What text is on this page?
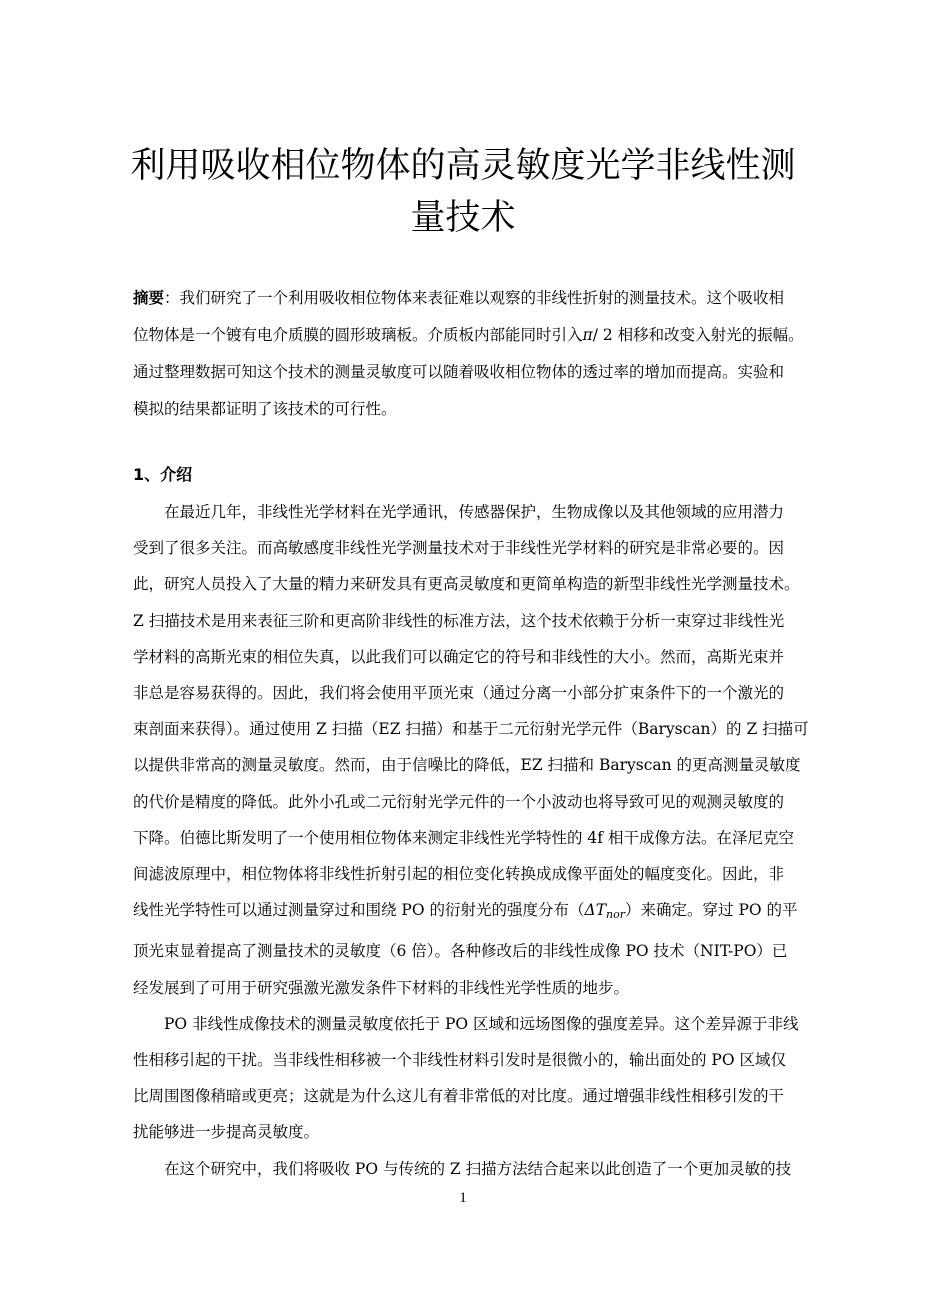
利用吸收相位物体的高灵敏度光学非线性测
量技术
摘要：我们研究了一个利用吸收相位物体来表征难以观察的非线性折射的测量技术。这个吸收相
位物体是一个镀有电介质膜的圆形玻璃板。介质板内部能同时引入π/ 2 相移和改变入射光的振幅。
通过整理数据可知这个技术的测量灵敏度可以随着吸收相位物体的透过率的增加而提高。实验和
模拟的结果都证明了该技术的可行性。
1、介绍
在最近几年，非线性光学材料在光学通讯，传感器保护，生物成像以及其他领域的应用潜力
受到了很多关注。而高敏感度非线性光学测量技术对于非线性光学材料的研究是非常必要的。因
此，研究人员投入了大量的精力来研发具有更高灵敏度和更简单构造的新型非线性光学测量技术。
Z 扫描技术是用来表征三阶和更高阶非线性的标准方法，这个技术依赖于分析一束穿过非线性光
学材料的高斯光束的相位失真，以此我们可以确定它的符号和非线性的大小。然而，高斯光束并
非总是容易获得的。因此，我们将会使用平顶光束（通过分离一小部分扩束条件下的一个激光的
束剖面来获得）。通过使用 Z 扫描（EZ 扫描）和基于二元衍射光学元件（Baryscan）的 Z 扫描可
以提供非常高的测量灵敏度。然而，由于信噪比的降低，EZ 扫描和 Baryscan 的更高测量灵敏度
的代价是精度的降低。此外小孔或二元衍射光学元件的一个小波动也将导致可见的观测灵敏度的
下降。伯德比斯发明了一个使用相位物体来测定非线性光学特性的 4f 相干成像方法。在泽尼克空
间滤波原理中，相位物体将非线性折射引起的相位变化转换成成像平面处的幅度变化。因此，非
线性光学特性可以通过测量穿过和围绕 PO 的衍射光的强度分布$(\Delta T_{nor})$来确定。穿过 PO 的平
顶光束显着提高了测量技术的灵敏度（6 倍）。各种修改后的非线性成像 PO 技术（NIT-PO）已
经发展到了可用于研究强激光激发条件下材料的非线性光学性质的地步。
PO 非线性成像技术的测量灵敏度依托于 PO 区域和远场图像的强度差异。这个差异源于非线
性相移引起的干扰。当非线性相移被一个非线性材料引发时是很微小的，输出面处的 PO 区域仅
比周围图像稍暗或更亮；这就是为什么这儿有着非常低的对比度。通过增强非线性相移引发的干
扰能够进一步提高灵敏度。
在这个研究中，我们将吸收 PO 与传统的 Z 扫描方法结合起来以此创造了一个更加灵敏的技
1
